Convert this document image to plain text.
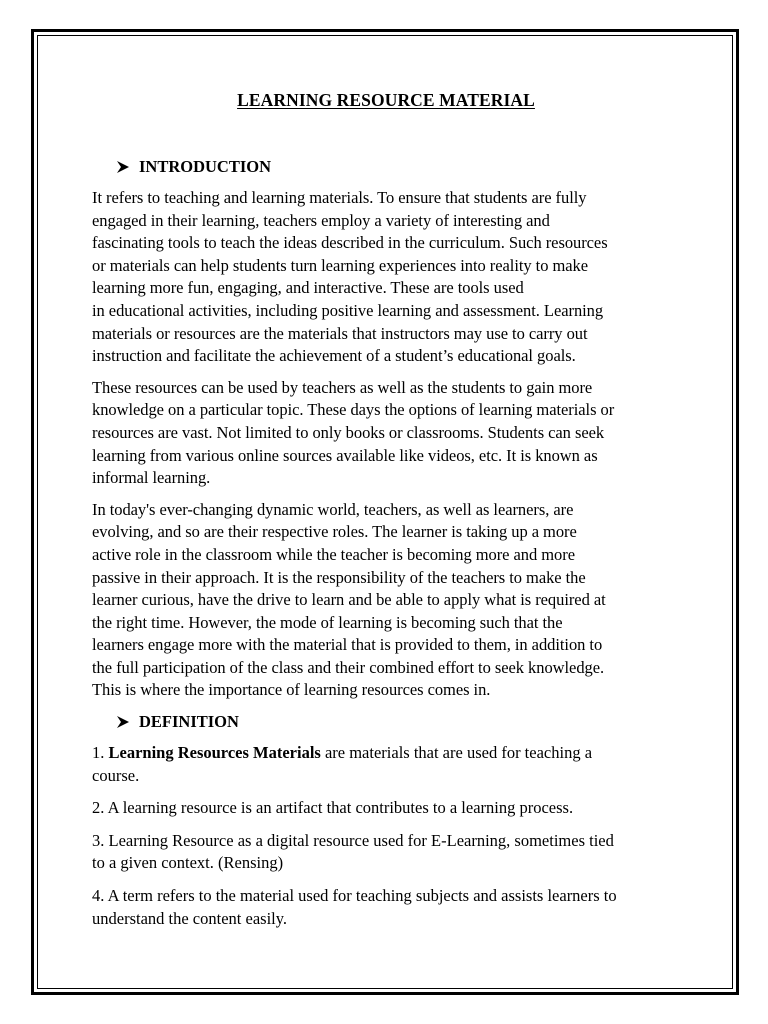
LEARNING RESOURCE MATERIAL
INTRODUCTION
It refers to teaching and learning materials. To ensure that students are fully
engaged in their learning, teachers employ a variety of interesting and
fascinating tools to teach the ideas described in the curriculum. Such resources
or materials can help students turn learning experiences into reality to make
learning more fun, engaging, and interactive. These are tools used
in educational activities, including positive learning and assessment. Learning
materials or resources are the materials that instructors may use to carry out
instruction and facilitate the achievement of a student’s educational goals.
These resources can be used by teachers as well as the students to gain more
knowledge on a particular topic. These days the options of learning materials or
resources are vast. Not limited to only books or classrooms. Students can seek
learning from various online sources available like videos, etc. It is known as
informal learning.
In today's ever-changing dynamic world, teachers, as well as learners, are
evolving, and so are their respective roles. The learner is taking up a more
active role in the classroom while the teacher is becoming more and more
passive in their approach. It is the responsibility of the teachers to make the
learner curious, have the drive to learn and be able to apply what is required at
the right time. However, the mode of learning is becoming such that the
learners engage more with the material that is provided to them, in addition to
the full participation of the class and their combined effort to seek knowledge.
This is where the importance of learning resources comes in.
DEFINITION
1. Learning Resources Materials are materials that are used for teaching a
course.
2. A learning resource is an artifact that contributes to a learning process.
3. Learning Resource as a digital resource used for E-Learning, sometimes tied
to a given context. (Rensing)
4. A term refers to the material used for teaching subjects and assists learners to
understand the content easily.
